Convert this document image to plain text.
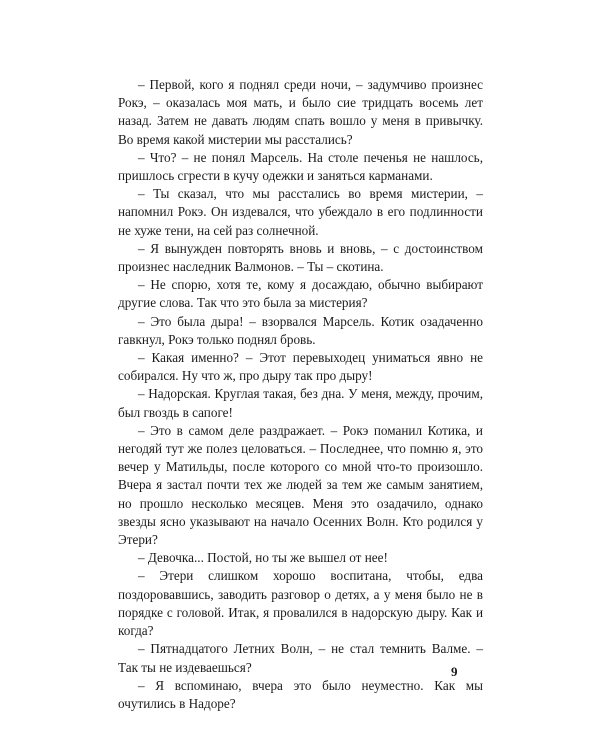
– Первой, кого я поднял среди ночи, – задумчиво произнес Рокэ, – оказалась моя мать, и было сие тридцать восемь лет назад. Затем не давать людям спать вошло у меня в привычку. Во время какой мистерии мы расстались?

– Что? – не понял Марсель. На столе печенья не нашлось, пришлось сгрести в кучу одежки и заняться карманами.

– Ты сказал, что мы расстались во время мистерии, – напомнил Рокэ. Он издевался, что убеждало в его подлинности не хуже тени, на сей раз солнечной.

– Я вынужден повторять вновь и вновь, – с достоинством произнес наследник Валмонов. – Ты – скотина.

– Не спорю, хотя те, кому я досаждаю, обычно выбирают другие слова. Так что это была за мистерия?

– Это была дыра! – взорвался Марсель. Котик озадаченно гавкнул, Рокэ только поднял бровь.

– Какая именно? – Этот перевыходец униматься явно не собирался. Ну что ж, про дыру так про дыру!

– Надорская. Круглая такая, без дна. У меня, между, прочим, был гвоздь в сапоге!

– Это в самом деле раздражает. – Рокэ поманил Котика, и негодяй тут же полез целоваться. – Последнее, что помню я, это вечер у Матильды, после которого со мной что-то произошло. Вчера я застал почти тех же людей за тем же самым занятием, но прошло несколько месяцев. Меня это озадачило, однако звезды ясно указывают на начало Осенних Волн. Кто родился у Этери?

– Девочка... Постой, но ты же вышел от нее!

– Этери слишком хорошо воспитана, чтобы, едва поздоровавшись, заводить разговор о детях, а у меня было не в порядке с головой. Итак, я провалился в надорскую дыру. Как и когда?

– Пятнадцатого Летних Волн, – не стал темнить Валме. – Так ты не издеваешься?

– Я вспоминаю, вчера это было неуместно. Как мы очутились в Надоре?

9
